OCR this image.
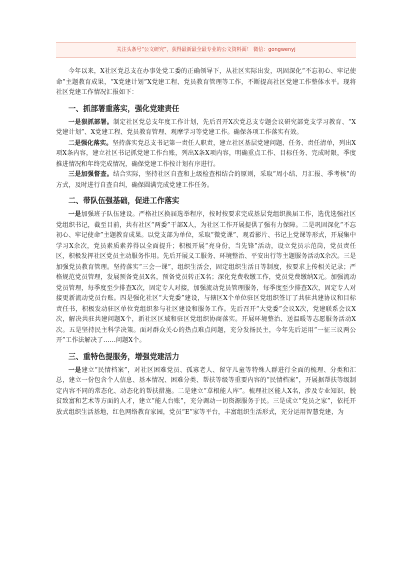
关注头条号“公文研究”，获得最新最全最专业的公文资料面！ 微信：gongwenyj

今年以来，X社区党总支在办事处党工委的正确领导下，从社区实际出发，巩固深化“不忘初心、牢记使命”主题教育成果，“X党建计划”X党建工程、党员教育管理等工作，不断提高社区党建工作整体水平。现将社区党建工作情况汇报如下：

一、抓部署重落实，强化党建责任

一是狠抓部署。制定社区党总支年度工作计划，先后召开X次党总支专题会议研究部党支学习教育、“X党建计划”、X党建工程、党员教育管理、观摩学习等党建工作。确保各项工作落实有效。

二是强化落实。坚持落实党总支书记第一责任人职责，建立社区基层党建问题、任务、责任清单，列出X项X条内容，建立社区书记抓党建工作台账，列出X条X项内容，明确重点工作、目标任务、完成时限，季度推进情况和年终完成情况，确保党建工作按计划有序进行。

三是加强督查。结合实际，坚持社区自查和上级检查相结合的原则，采取“周小结、月汇报、季考核”的方式，及时进行自查自纠，确保圆满完成党建工作任务。

二、带队伍强基础，促进工作落实

一是加强班子队伍建设。严格社区换届选举程序，按时按要求完成基层党组织换届工作，选优选强社区党组织书记，截至目前，共有社区“两委”干部X人，为社区工作开展提供了强有力保障。二是巩固深化“不忘初心、牢记使命”主题教育成果。以党支部为单位，采取“微党课”、观看影片、书记上党课等形式，开展集中学习X余次，党员素质素养得以全面提升；积极开展“亮身份，当先锋”活动，设立党员示范岗，党员责任区，积极发挥社区党员主动服务作用。先后开展义工服务、环境整治、平安出行等主题服务活动X余次。三是加强党员教育管理。坚持落实“三会一课”，组织生活会，固定组织生活日等制度，按要求上传相关记录；严格规范党员管理，发展预备党员X名，预备党员转正X名；深化党费收缴工作，党员党费缴纳X元。加强流动党员管理，每季度至少排查X次，固定专人对接，加强流动党员管理服务，每季度至少排查X次，固定专人对接更新流动党员台账。四是强化社区“大党委”建设，与辖区X个单位驻区党组织签订了共驻共建协议和目标责任书，积极发动驻区单位党组织参与社区建设和服务工作。先后召开“大党委”会议X次，党建联系会议X次，解决共驻共建问题X个，新社区区域和驻区党组织协商落实。开展环境整治、送温暖等志愿服务活动X次。五是坚持民主科学决策。面对群众关心的热点难点问题，充分发扬民主，今年先后运用“一征三议两公开”工作法解决了……问题X个。

三、重特色提服务，增强党建活力

一是建立“民情档案”，对社区困难党员、孤寡老人、留守儿童等特殊人群进行全面的梳理、分类和汇总，建立一份包含个人信息、基本情况、困难分类、帮扶等级等重要内容的“民情档案”，开展据帮扶等级制定内容不同的常态化、动态化的帮扶措施。二是建立“草根能人库”。梳理社区能人X名，涉及专业知识、脱贫致富和艺术等方面的人才，建立“能人台账”，充分调动一切资源服务于民。三是成立“党员之家”，依托开放式组织生活基地，红色网络教育家园，党员“E”家等平台，丰富组织生活形式，充分运用智慧党建，为
